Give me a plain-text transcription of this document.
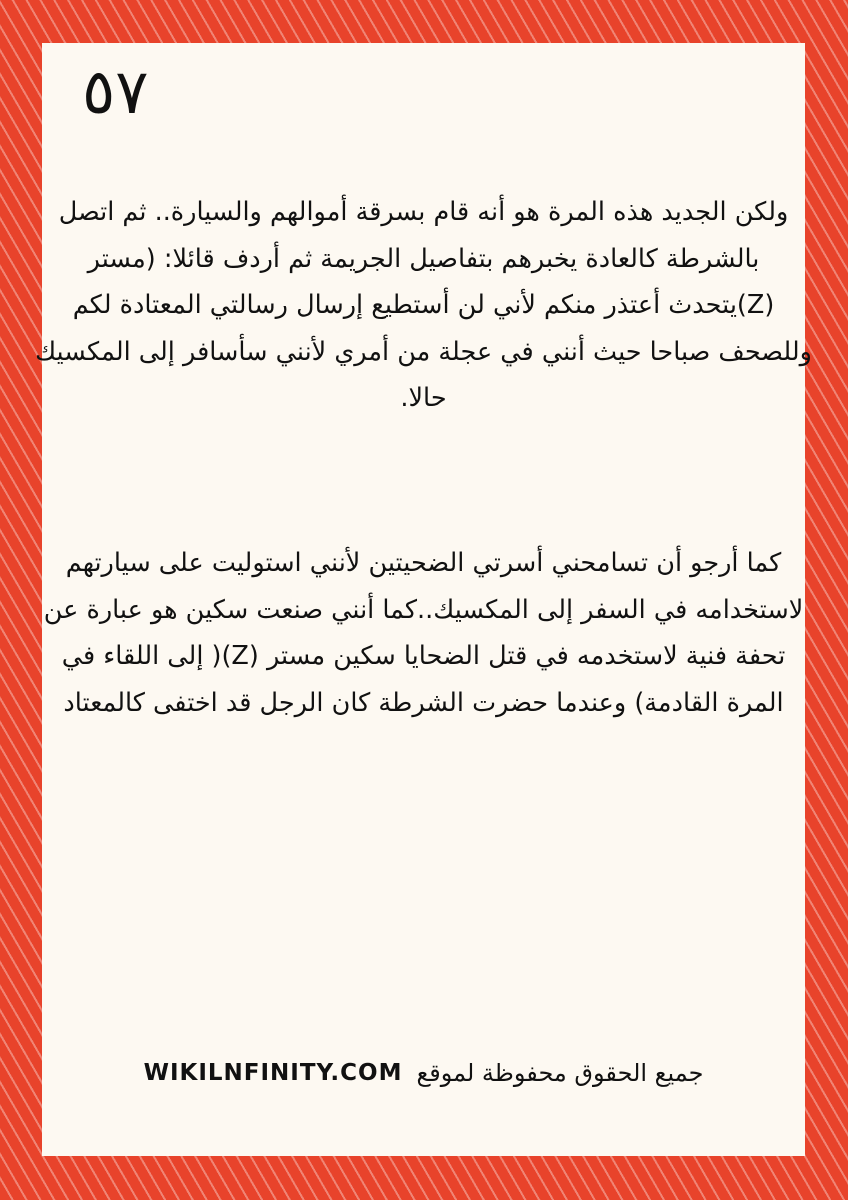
٥٧

ولكن الجديد هذه المرة هو أنه قام بسرقة أموالهم والسيارة.. ثم اتصل بالشرطة كالعادة يخبرهم بتفاصيل الجريمة ثم أردف قائلا: (مستر (Z)يتحدث أعتذر منكم لأني لن أستطيع إرسال رسالتي المعتادة لكم وللصحف صباحا حيث أنني في عجلة من أمري لأنني سأسافر إلى المكسيك حالا.

كما أرجو أن تسامحني أسرتي الضحيتين لأنني استوليت على سيارتهم لاستخدامه في السفر إلى المكسيك..كما أنني صنعت سكين هو عبارة عن تحفة فنية لاستخدمه في قتل الضحايا سكين مستر (Z)( إلى اللقاء في المرة القادمة) وعندما حضرت الشرطة كان الرجل قد اختفى كالمعتاد

WIKILNFINITY.COM جميع الحقوق محفوظة لموقع
